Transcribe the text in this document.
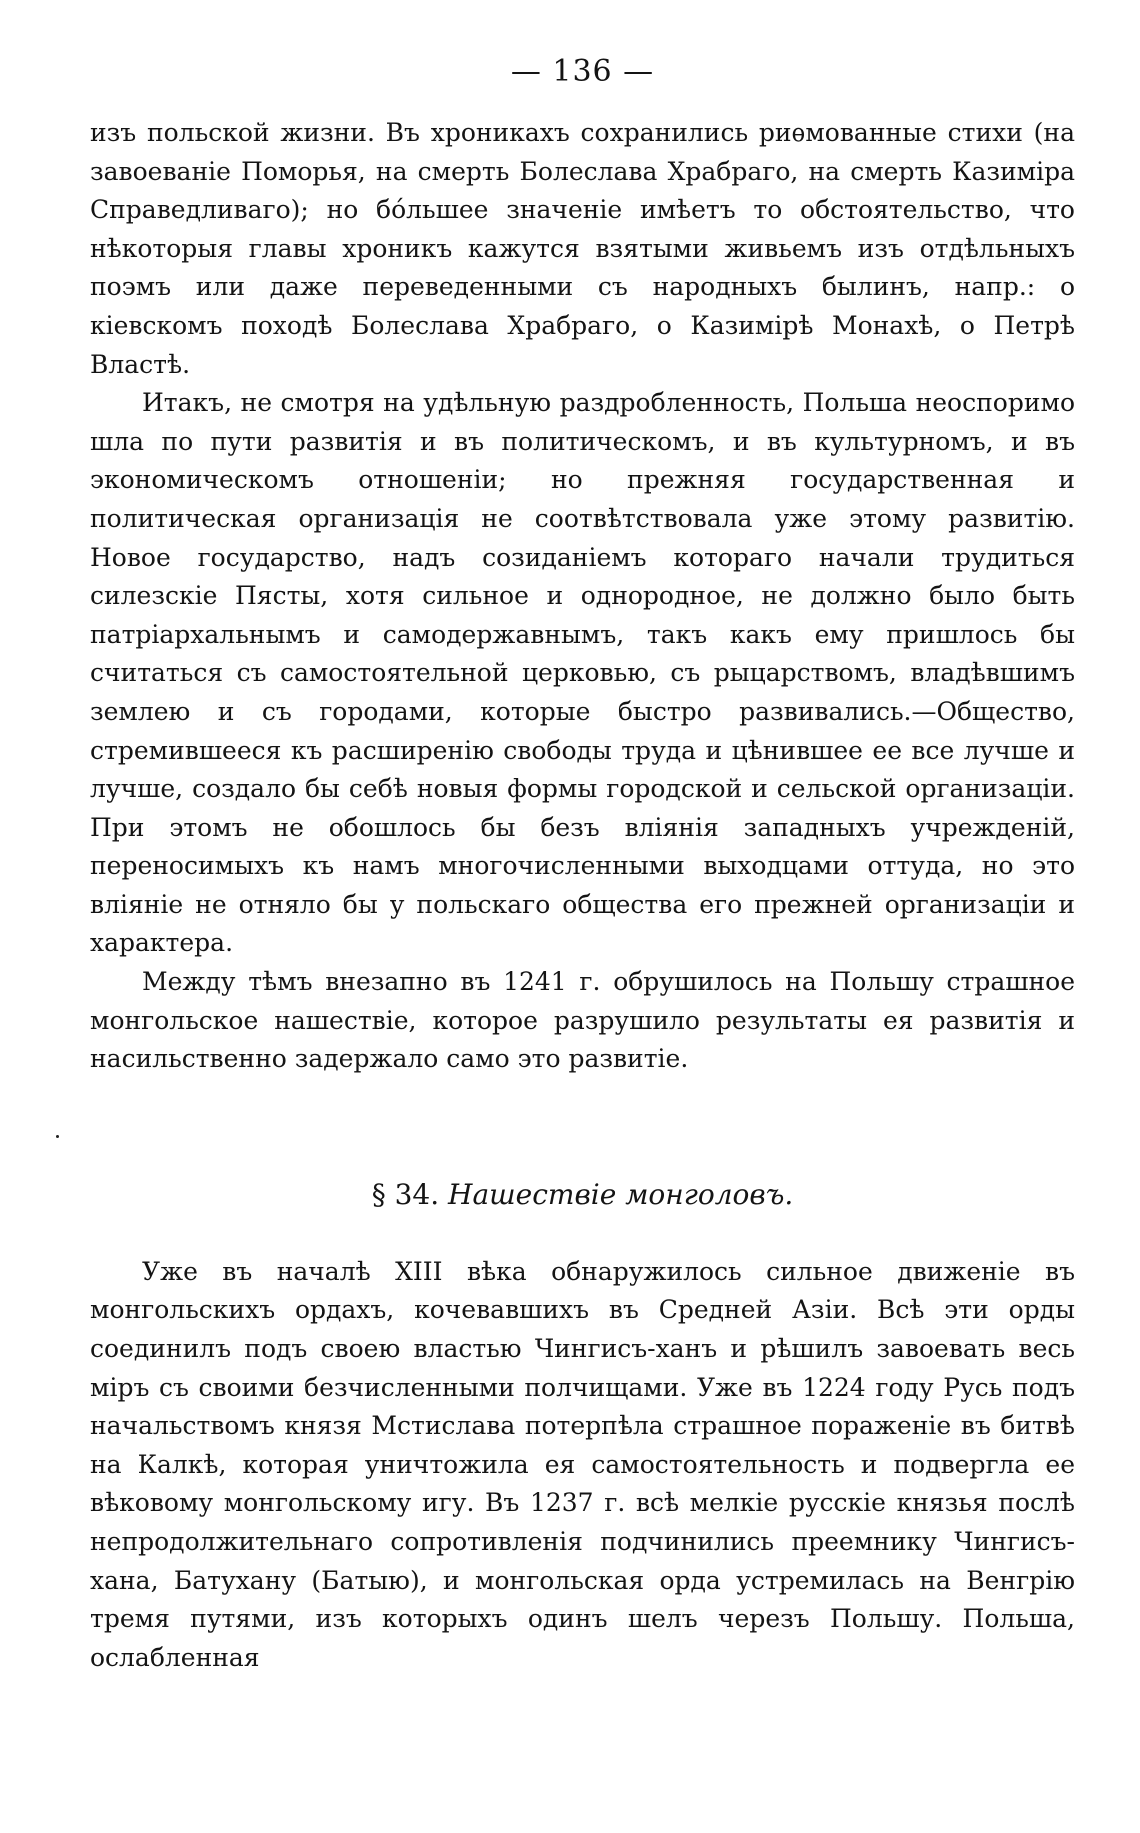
— 136 —

изъ польской жизни. Въ хроникахъ сохранились риѳмованные стихи (на завоеваніе Поморья, на смерть Болеслава Храбраго, на смерть Казиміра Справедливаго); но бóльшее значеніе имѣетъ то обстоятельство, что нѣкоторыя главы хроникъ кажутся взятыми живьемъ изъ отдѣльныхъ поэмъ или даже переведенными съ народныхъ былинъ, напр.: о кіевскомъ походѣ Болеслава Храбраго, о Казимірѣ Монахѣ, о Петрѣ Властѣ.

Итакъ, не смотря на удѣльную раздробленность, Польша неоспоримо шла по пути развитія и въ политическомъ, и въ культурномъ, и въ экономическомъ отношеніи; но прежняя государственная и политическая организація не соотвѣтствовала уже этому развитію. Новое государство, надъ созиданіемъ котораго начали трудиться силезскіе Пясты, хотя сильное и однородное, не должно было быть патріархальнымъ и самодержавнымъ, такъ какъ ему пришлось бы считаться съ самостоятельной церковью, съ рыцарствомъ, владѣвшимъ землею и съ городами, которые быстро развивались.—Общество, стремившееся къ расширенію свободы труда и цѣнившее ее все лучше и лучше, создало бы себѣ новыя формы городской и сельской организаціи. При этомъ не обошлось бы безъ вліянія западныхъ учрежденій, переносимыхъ къ намъ многочисленными выходцами оттуда, но это вліяніе не отняло бы у польскаго общества его прежней организаціи и характера.

Между тѣмъ внезапно въ 1241 г. обрушилось на Польшу страшное монгольское нашествіе, которое разрушило результаты ея развитія и насильственно задержало само это развитіе.

§ 34. Нашествіе монголовъ.

Уже въ началѣ XIII вѣка обнаружилось сильное движеніе въ монгольскихъ ордахъ, кочевавшихъ въ Средней Азіи. Всѣ эти орды соединилъ подъ своею властью Чингисъ-ханъ и рѣшилъ завоевать весь міръ съ своими безчисленными полчищами. Уже въ 1224 году Русь подъ начальствомъ князя Мстислава потерпѣла страшное пораженіе въ битвѣ на Калкѣ, которая уничтожила ея самостоятельность и подвергла ее вѣковому монгольскому игу. Въ 1237 г. всѣ мелкіе русскіе князья послѣ непродолжительнаго сопротивленія подчинились преемнику Чингисъ-хана, Батухану (Батыю), и монгольская орда устремилась на Венгрію тремя путями, изъ которыхъ одинъ шелъ черезъ Польшу. Польша, ослабленная
